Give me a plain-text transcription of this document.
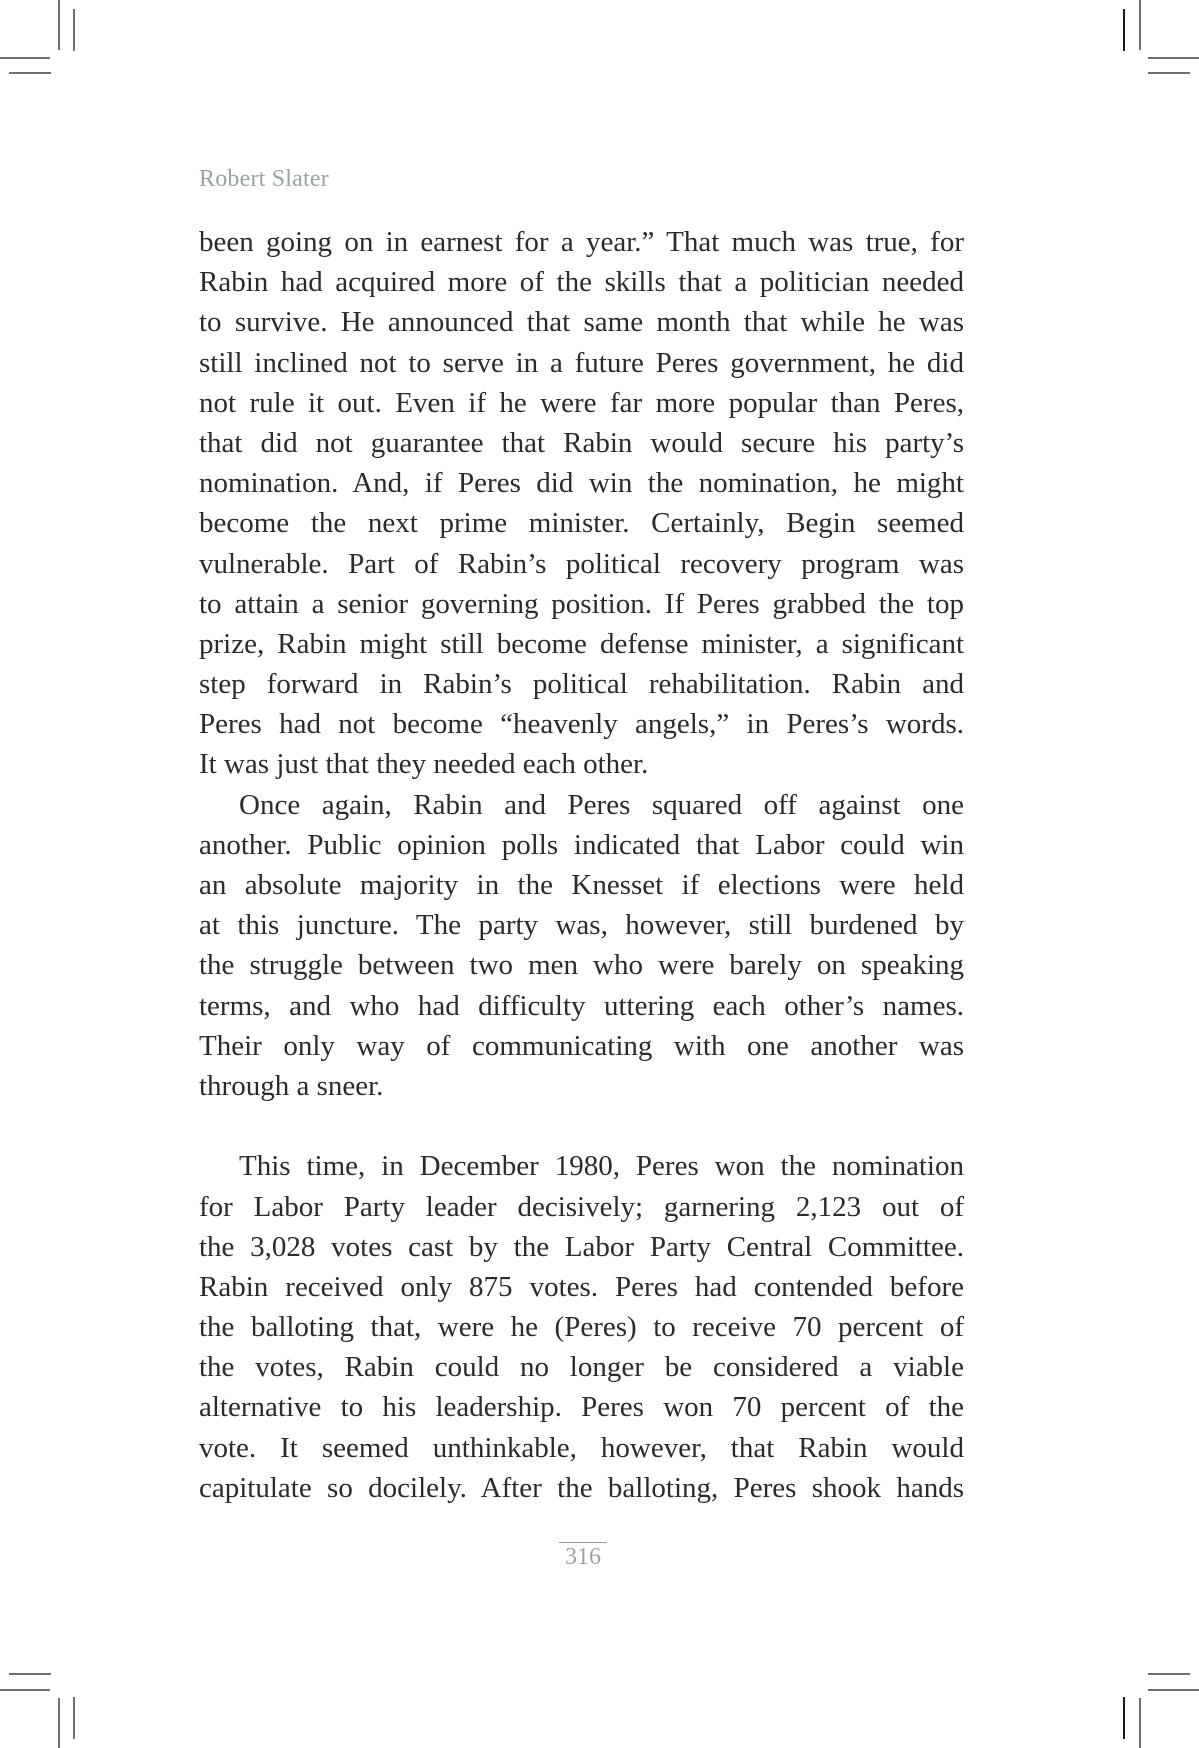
Robert Slater
been going on in earnest for a year.” That much was true, for
Rabin had acquired more of the skills that a politician needed
to survive. He announced that same month that while he was
still inclined not to serve in a future Peres government, he did
not rule it out. Even if he were far more popular than Peres,
that did not guarantee that Rabin would secure his party’s
nomination. And, if Peres did win the nomination, he might
become the next prime minister. Certainly, Begin seemed
vulnerable. Part of Rabin’s political recovery program was
to attain a senior governing position. If Peres grabbed the top
prize, Rabin might still become defense minister, a significant
step forward in Rabin’s political rehabilitation. Rabin and
Peres had not become “heavenly angels,” in Peres’s words.
It was just that they needed each other.
Once again, Rabin and Peres squared off against one
another. Public opinion polls indicated that Labor could win
an absolute majority in the Knesset if elections were held
at this juncture. The party was, however, still burdened by
the struggle between two men who were barely on speaking
terms, and who had difficulty uttering each other’s names.
Their only way of communicating with one another was
through a sneer.
This time, in December 1980, Peres won the nomination
for Labor Party leader decisively; garnering 2,123 out of
the 3,028 votes cast by the Labor Party Central Committee.
Rabin received only 875 votes. Peres had contended before
the balloting that, were he (Peres) to receive 70 percent of
the votes, Rabin could no longer be considered a viable
alternative to his leadership. Peres won 70 percent of the
vote. It seemed unthinkable, however, that Rabin would
capitulate so docilely. After the balloting, Peres shook hands
316
